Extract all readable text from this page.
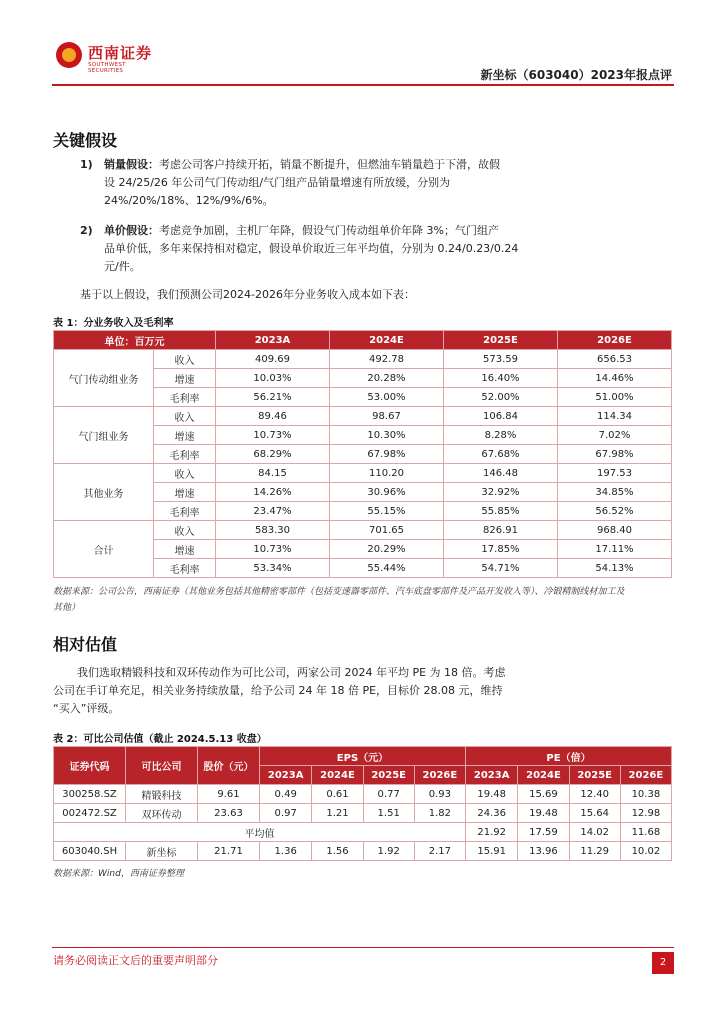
西南证券
SOUTHWEST SECURITIES	新坐标（603040）2023年报点评
关键假设
1) 销量假设：考虑公司客户持续开拓，销量不断提升，但燃油车销量趋于下滑，故假
设 24/25/26 年公司气门传动组/气门组产品销量增速有所放缓，分别为
24%/20%/18%、12%/9%/6%。
2) 单价假设：考虑竞争加剧，主机厂年降，假设气门传动组单价年降 3%；气门组产
品单价低，多年来保持相对稳定，假设单价取近三年平均值，分别为 0.24/0.23/0.24
元/件。
基于以上假设，我们预测公司2024-2026年分业务收入成本如下表：
表 1：分业务收入及毛利率
单位：百万元		2023A	2024E	2025E	2026E
气门传动组业务	收入	409.69	492.78	573.59	656.53
	增速	10.03%	20.28%	16.40%	14.46%
	毛利率	56.21%	53.00%	52.00%	51.00%
气门组业务	收入	89.46	98.67	106.84	114.34
	增速	10.73%	10.30%	8.28%	7.02%
	毛利率	68.29%	67.98%	67.68%	67.98%
其他业务	收入	84.15	110.20	146.48	197.53
	增速	14.26%	30.96%	32.92%	34.85%
	毛利率	23.47%	55.15%	55.85%	56.52%
合计	收入	583.30	701.65	826.91	968.40
	增速	10.73%	20.29%	17.85%	17.11%
	毛利率	53.34%	55.44%	54.71%	54.13%
数据来源：公司公告，西南证券（其他业务包括其他精密零部件（包括变速器零部件、汽车底盘零部件及产品开发收入等）、冷锻精制线材加工及
其他）
相对估值
我们选取精锻科技和双环传动作为可比公司，两家公司 2024 年平均 PE 为 18 倍。考虑
公司在手订单充足，相关业务持续放量，给予公司 24 年 18 倍 PE，目标价 28.08 元，维持
“买入”评级。
表 2：可比公司估值（截止 2024.5.13 收盘）
证券代码	可比公司	股价（元）	EPS（元）				PE（倍）			
			2023A	2024E	2025E	2026E	2023A	2024E	2025E	2026E
300258.SZ	精锻科技	9.61	0.49	0.61	0.77	0.93	19.48	15.69	12.40	10.38
002472.SZ	双环传动	23.63	0.97	1.21	1.51	1.82	24.36	19.48	15.64	12.98
平均值							21.92	17.59	14.02	11.68
603040.SH	新坐标	21.71	1.36	1.56	1.92	2.17	15.91	13.96	11.29	10.02
数据来源：Wind，西南证券整理
请务必阅读正文后的重要声明部分	2
